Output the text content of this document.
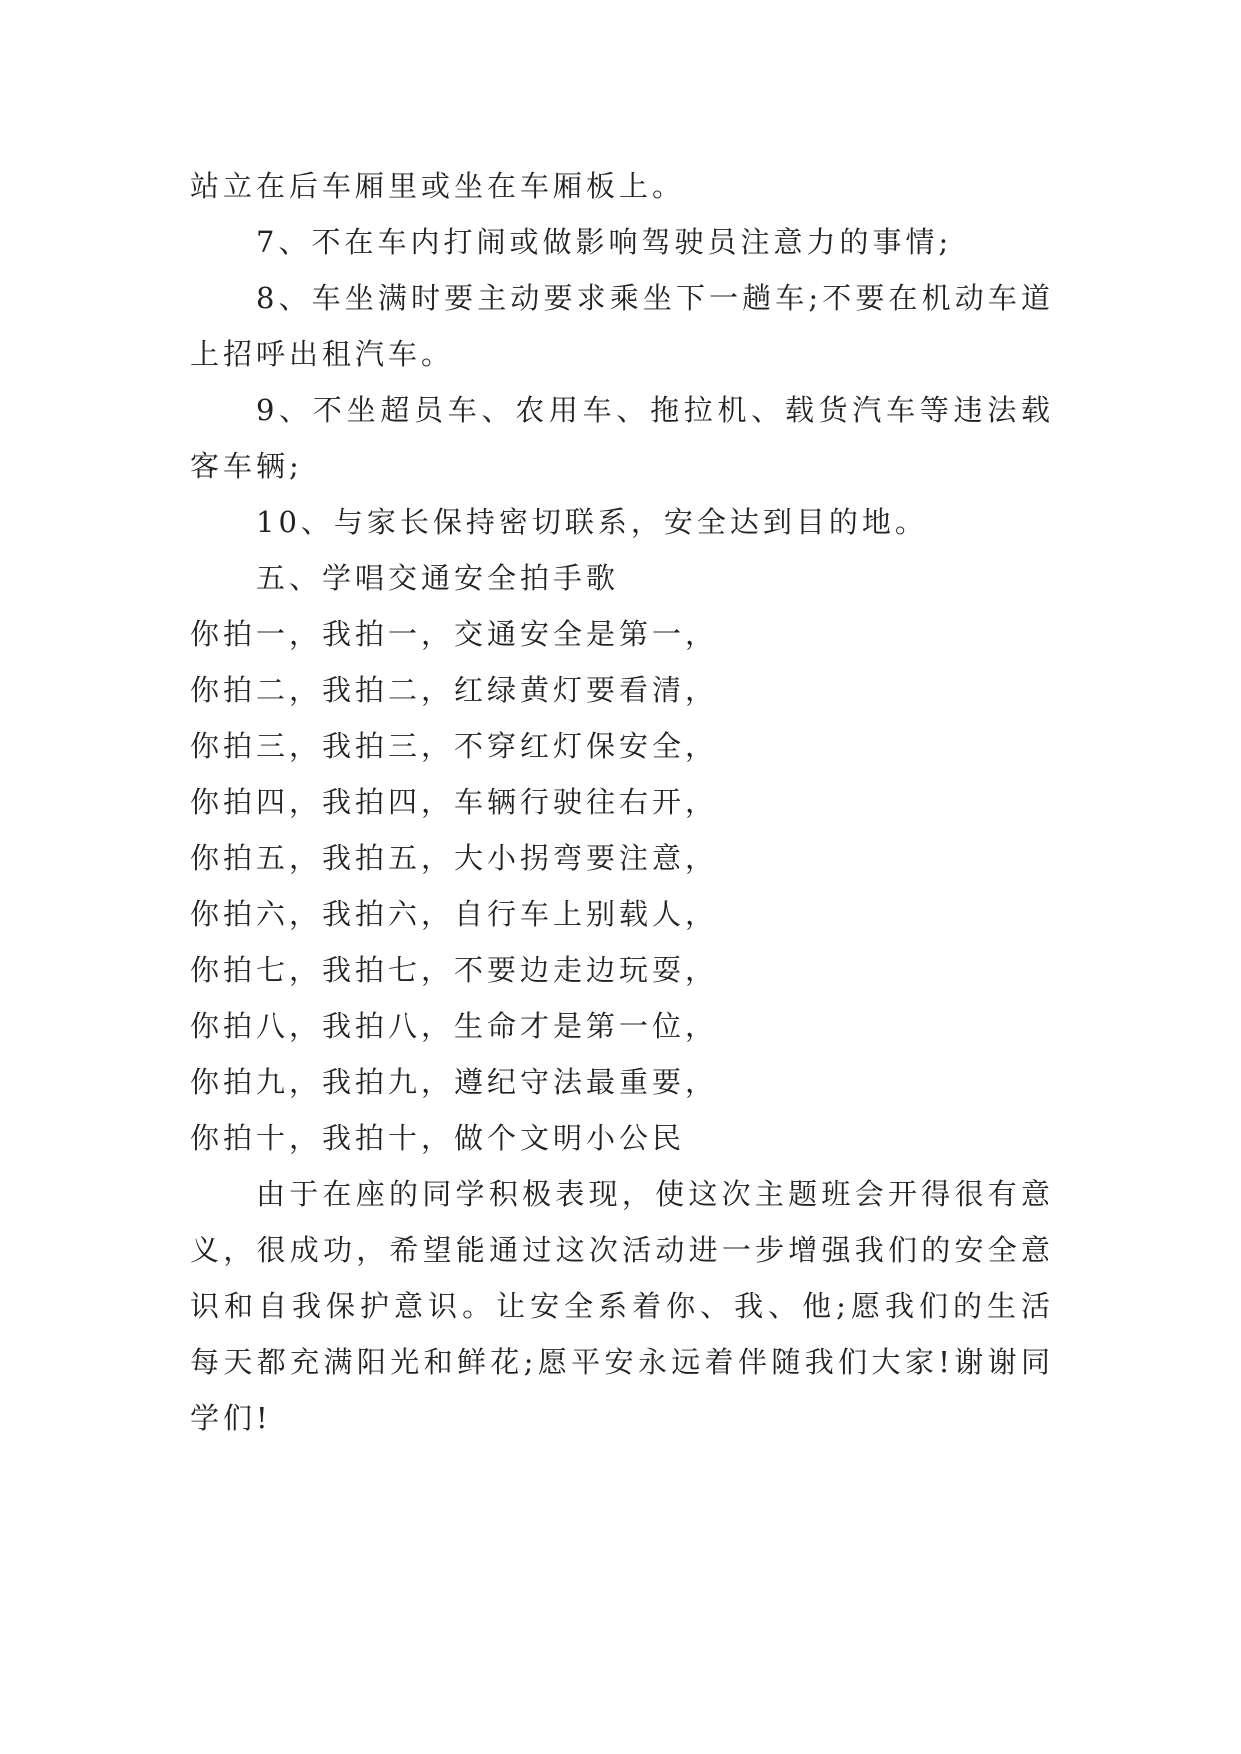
站立在后车厢里或坐在车厢板上。

7、不在车内打闹或做影响驾驶员注意力的事情;

8、车坐满时要主动要求乘坐下一趟车;不要在机动车道上招呼出租汽车。

9、不坐超员车、农用车、拖拉机、载货汽车等违法载客车辆;

10、与家长保持密切联系，安全达到目的地。

五、学唱交通安全拍手歌

你拍一，我拍一，交通安全是第一，

你拍二，我拍二，红绿黄灯要看清，

你拍三，我拍三，不穿红灯保安全，

你拍四，我拍四，车辆行驶往右开，

你拍五，我拍五，大小拐弯要注意，

你拍六，我拍六，自行车上别载人，

你拍七，我拍七，不要边走边玩耍，

你拍八，我拍八，生命才是第一位，

你拍九，我拍九，遵纪守法最重要，

你拍十，我拍十，做个文明小公民

由于在座的同学积极表现，使这次主题班会开得很有意义，很成功，希望能通过这次活动进一步增强我们的安全意识和自我保护意识。让安全系着你、我、他;愿我们的生活每天都充满阳光和鲜花;愿平安永远着伴随我们大家!谢谢同学们!
